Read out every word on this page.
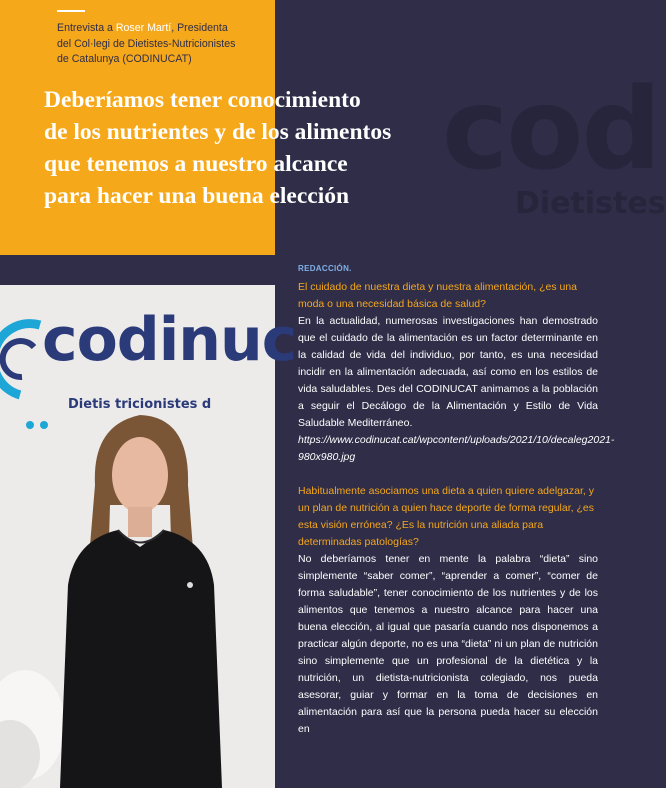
cod
Dietistes
Entrevista a Roser Martí, Presidenta
del Col·legi de Dietistes-Nutricionistes
de Catalunya (CODINUCAT)
Deberíamos tener conocimiento
de los nutrientes y de los alimentos
que tenemos a nuestro alcance
para hacer una buena elección
codinuc
Dietis tricionistes d

REDACCIÓN.

El cuidado de nuestra dieta y nuestra alimentación, ¿es una moda o una necesidad básica de salud?

En la actualidad, numerosas investigaciones han demostrado que el cuidado de la alimentación es un factor determinante en la calidad de vida del individuo, por tanto, es una necesidad incidir en la alimentación adecuada, así como en los estilos de vida saludables. Des del CODINUCAT animamos a la población a seguir el Decálogo de la Alimentación y Estilo de Vida Saludable Mediterráneo.

https://www.codinucat.cat/wpcontent/uploads/2021/10/decaleg2021-980x980.jpg

Habitualmente asociamos una dieta a quien quiere adelgazar, y un plan de nutrición a quien hace deporte de forma regular, ¿es esta visión errónea? ¿Es la nutrición una aliada para determinadas patologías?

No deberíamos tener en mente la palabra “dieta” sino simplemente “saber comer”, “aprender a comer”, “comer de forma saludable”, tener conocimiento de los nutrientes y de los alimentos que tenemos a nuestro alcance para hacer una buena elección, al igual que pasaría cuando nos disponemos a practicar algún deporte, no es una “dieta” ni un plan de nutrición sino simplemente que un profesional de la dietética y la nutrición, un dietista-nutricionista colegiado, nos pueda asesorar, guiar y formar en la toma de decisiones en alimentación para así que la persona pueda hacer su elección en
